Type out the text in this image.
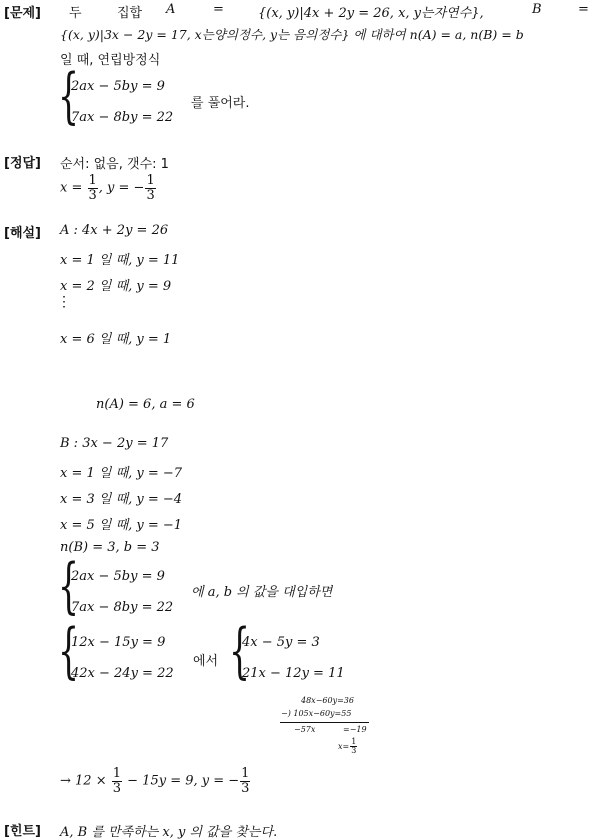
[문제] 두	집합 A	=	{(x, y)|4x + 2y = 26, x, y는자연수},	B	=
{(x, y)|3x − 2y = 17, x는양의정수, y는 음의정수} 에 대하여 n(A) = a, n(B) = b
일 때, 연립방정식
{
2ax − 5by = 9
7ax − 8by = 22
를 풀어라.
[정답] 순서: 없음, 갯수: 1
$x = \frac{1}{3}$ , y = − $\frac{1}{3}$
[해설] A : 4x + 2y = 26
x = 1 일 때, y = 11
x = 2 일 때, y = 9
⋮
x = 6 일 때, y = 1
n(A) = 6, a = 6
B : 3x − 2y = 17
x = 1 일 때, y = −7
x = 3 일 때, y = −4
x = 5 일 때, y = −1
n(B) = 3, b = 3
{
2ax − 5by = 9
7ax − 8by = 22
에 a, b 의 값을 대입하면
{
12x − 15y = 9
42x − 24y = 22
에서 {
4x − 5y = 3
21x − 12y = 11
48x−60y=36
−) 105x−60y=55
−57x	=−19
$x= \frac{1}{3}$
→ $12 \times \frac{1}{3} - 15y = 9$, y = − $\frac{1}{3}$
[힌트] A, B 를 만족하는 x, y 의 값을 찾는다.
